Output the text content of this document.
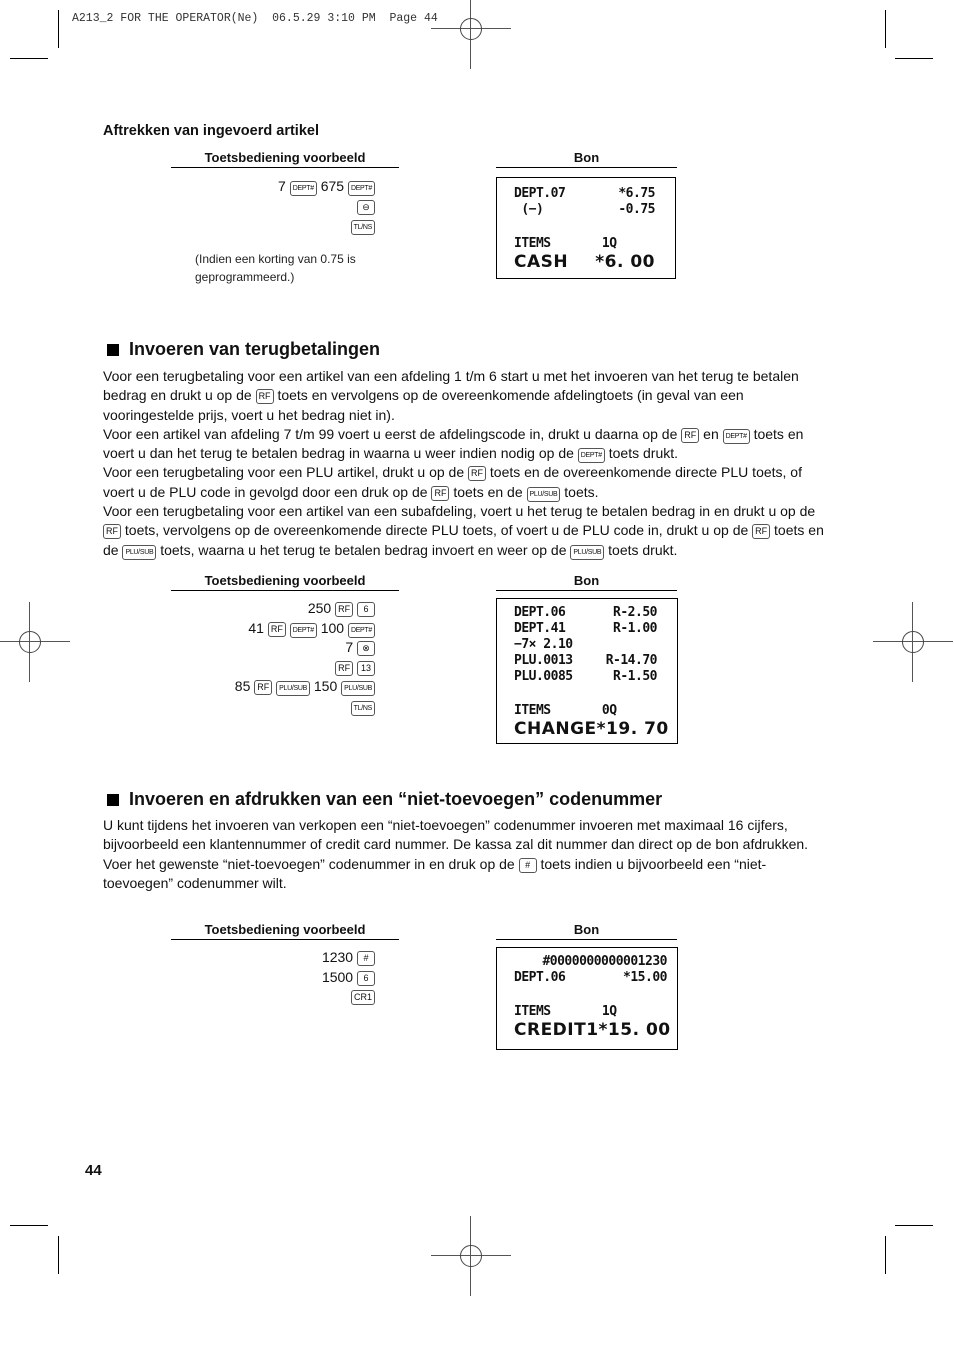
A213_2 FOR THE OPERATOR(Ne)  06.5.29 3:10 PM  Page 44
Aftrekken van ingevoerd artikel
Toetsbediening voorbeeld
7 DEPT# 675 DEPT#
⊖
TL/NS
(Indien een korting van 0.75 is geprogrammeerd.)
Bon
DEPT.07	*6.75
(−)	-0.75
ITEMS       1Q
CASH *6. 00
Invoeren van terugbetalingen
Voor een terugbetaling voor een artikel van een afdeling 1 t/m 6 start u met het invoeren van het terug te betalen bedrag en drukt u op de RF toets en vervolgens op de overeenkomende afdelingtoets (in geval van een vooringestelde prijs, voert u het bedrag niet in).
Voor een artikel van afdeling 7 t/m 99 voert u eerst de afdelingscode in, drukt u daarna op de RF en DEPT# toets en voert u dan het terug te betalen bedrag in waarna u weer indien nodig op de DEPT# toets drukt.
Voor een terugbetaling voor een PLU artikel, drukt u op de RF toets en de overeenkomende directe PLU toets, of voert u de PLU code in gevolgd door een druk op de RF toets en de PLU/SUB toets.
Voor een terugbetaling voor een artikel van een subafdeling, voert u het terug te betalen bedrag in en drukt u op de RF toets, vervolgens op de overeenkomende directe PLU toets, of voert u de PLU code in, drukt u op de RF toets en de PLU/SUB toets, waarna u het terug te betalen bedrag invoert en weer op de PLU/SUB toets drukt.
Toetsbediening voorbeeld
250 RF 6
41 RF DEPT# 100 DEPT#
7 ⊗
RF 13
85 RF PLU/SUB 150 PLU/SUB
TL/NS
Bon
DEPT.06	R-2.50
DEPT.41	R-1.00
−7× 2.10
PLU.0013	R-14.70
PLU.0085	R-1.50
ITEMS       0Q
CHANGE *19. 70
Invoeren en afdrukken van een “niet-toevoegen” codenummer
U kunt tijdens het invoeren van verkopen een “niet-toevoegen” codenummer invoeren met maximaal 16 cijfers, bijvoorbeeld een klantennummer of credit card nummer. De kassa zal dit nummer dan direct op de bon afdrukken.
Voer het gewenste “niet-toevoegen” codenummer in en druk op de # toets indien u bijvoorbeeld een “niet-toevoegen” codenummer wilt.
Toetsbediening voorbeeld
1230 #
1500 6
CR1
Bon
#0000000000001230
DEPT.06	*15.00
ITEMS       1Q
CREDIT1 *15. 00
44
